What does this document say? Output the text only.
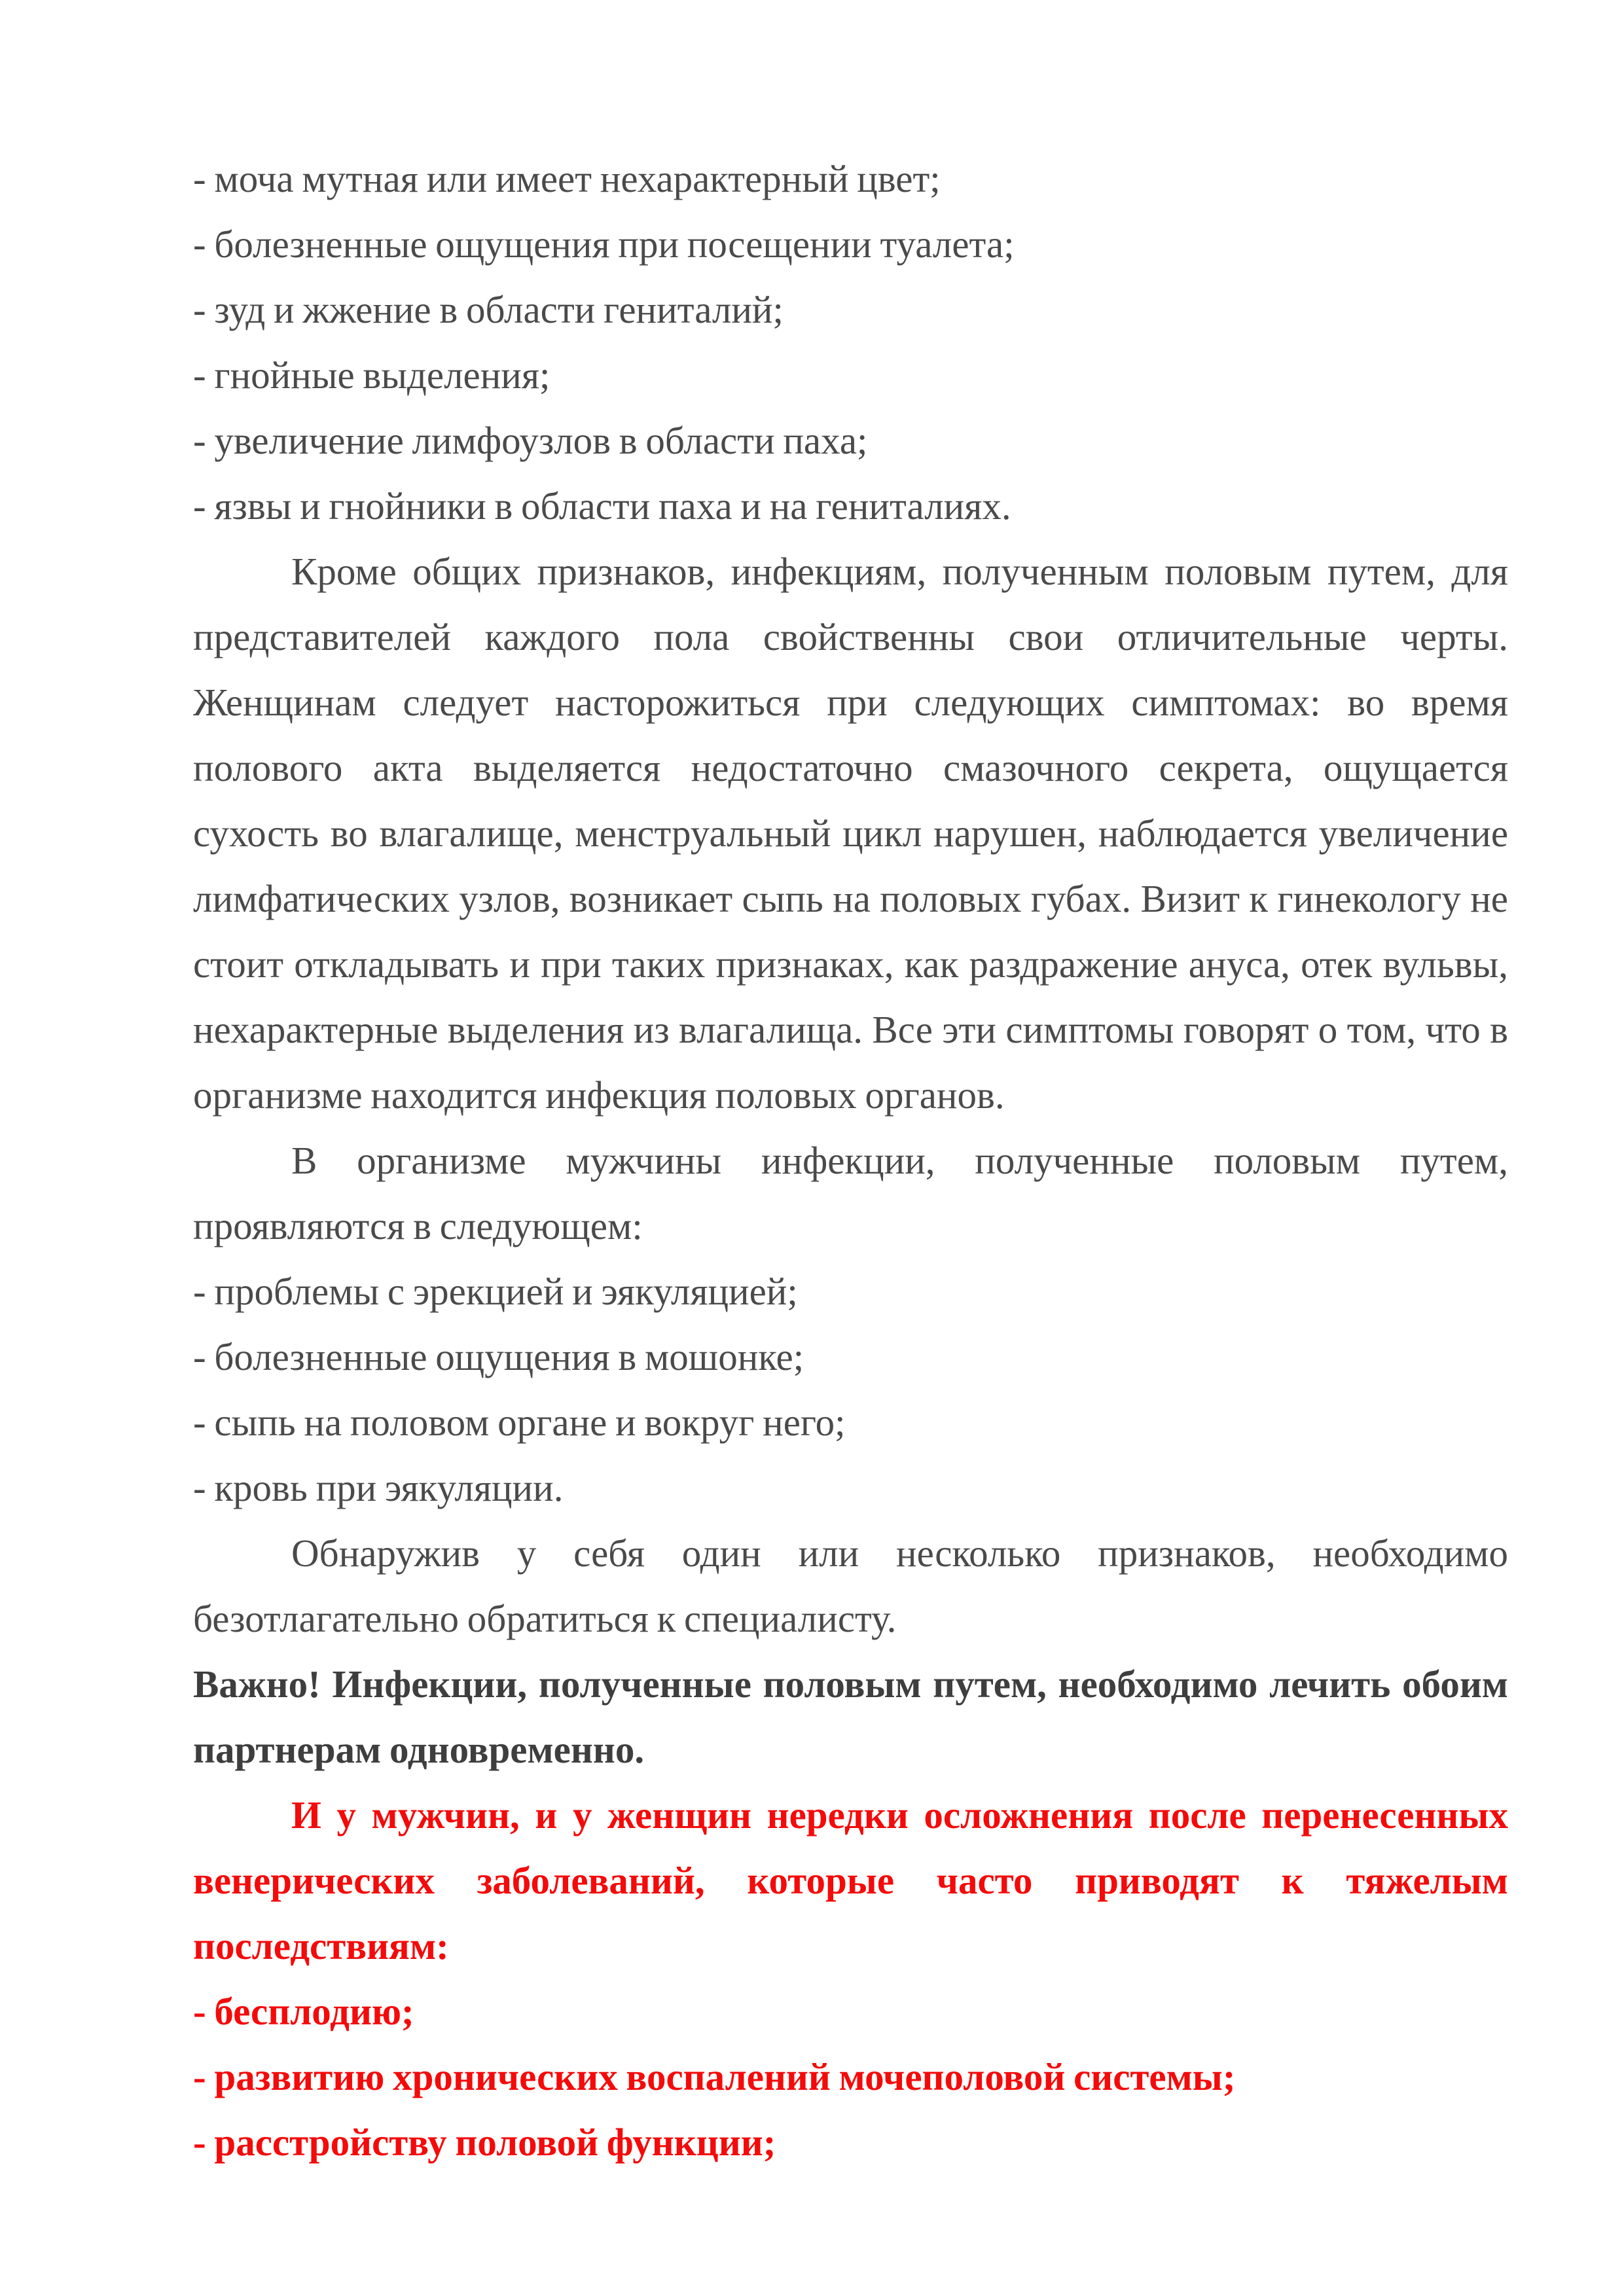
- моча мутная или имеет нехарактерный цвет;
- болезненные ощущения при посещении туалета;
- зуд и жжение в области гениталий;
- гнойные выделения;
- увеличение лимфоузлов в области паха;
- язвы и гнойники в области паха и на гениталиях.
Кроме общих признаков, инфекциям, полученным половым путем, для
представителей каждого пола свойственны свои отличительные черты.
Женщинам следует насторожиться при следующих симптомах: во время
полового акта выделяется недостаточно смазочного секрета, ощущается
сухость во влагалище, менструальный цикл нарушен, наблюдается увеличение
лимфатических узлов, возникает сыпь на половых губах. Визит к гинекологу не
стоит откладывать и при таких признаках, как раздражение ануса, отек вульвы,
нехарактерные выделения из влагалища. Все эти симптомы говорят о том, что в
организме находится инфекция половых органов.
В организме мужчины инфекции, полученные половым путем,
проявляются в следующем:
- проблемы с эрекцией и эякуляцией;
- болезненные ощущения в мошонке;
- сыпь на половом органе и вокруг него;
- кровь при эякуляции.
Обнаружив у себя один или несколько признаков, необходимо
безотлагательно обратиться к специалисту.
Важно! Инфекции, полученные половым путем, необходимо лечить обоим
партнерам одновременно.
И у мужчин, и у женщин нередки осложнения после перенесенных
венерических заболеваний, которые часто приводят к тяжелым
последствиям:
- бесплодию;
- развитию хронических воспалений мочеполовой системы;
- расстройству половой функции;
